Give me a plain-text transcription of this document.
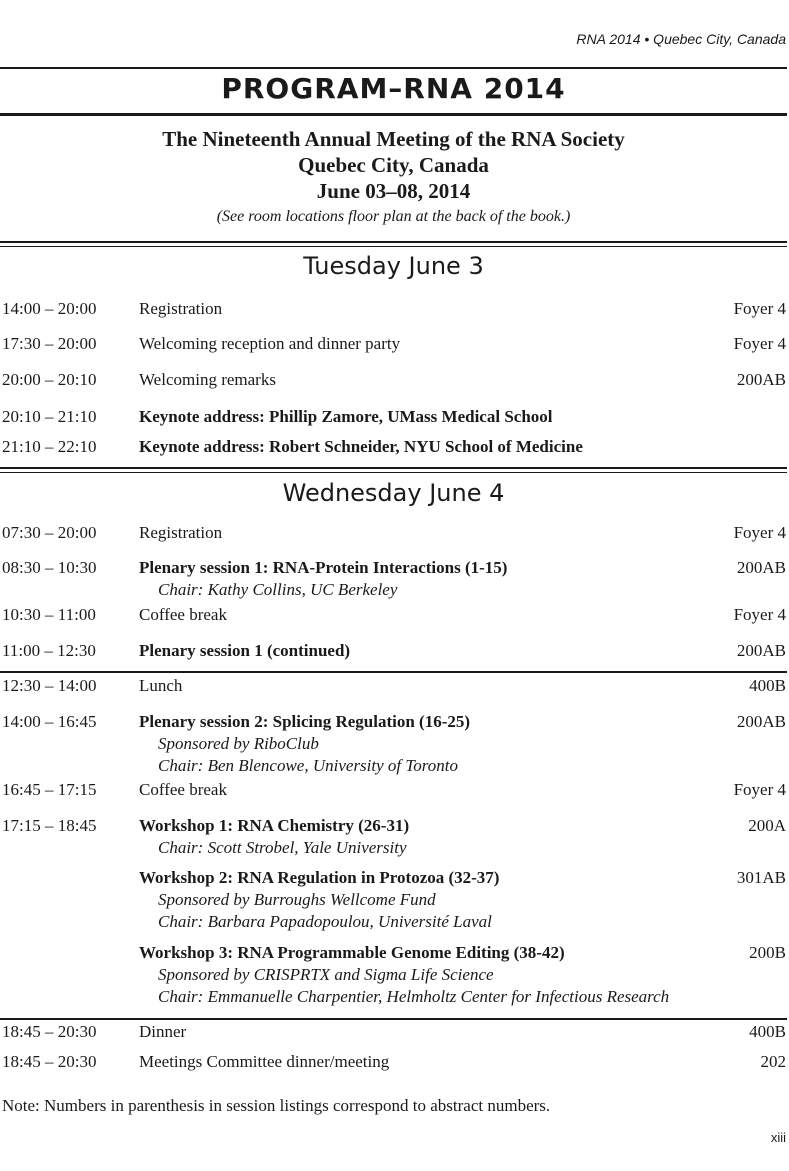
RNA 2014 • Quebec City, Canada
PROGRAM–RNA 2014
The Nineteenth Annual Meeting of the RNA Society
Quebec City, Canada
June 03–08, 2014
(See room locations floor plan at the back of the book.)
Tuesday June 3
14:00 – 20:00	Registration	Foyer 4
17:30 – 20:00	Welcoming reception and dinner party	Foyer 4
20:00 – 20:10	Welcoming remarks	200AB
20:10 – 21:10	Keynote address: Phillip Zamore, UMass Medical School
21:10 – 22:10	Keynote address: Robert Schneider, NYU School of Medicine
Wednesday June 4
07:30 – 20:00	Registration	Foyer 4
08:30 – 10:30	Plenary session 1: RNA-Protein Interactions (1-15)	200AB
Chair: Kathy Collins, UC Berkeley
10:30 – 11:00	Coffee break	Foyer 4
11:00 – 12:30	Plenary session 1 (continued)	200AB
12:30 – 14:00	Lunch	400B
14:00 – 16:45	Plenary session 2: Splicing Regulation (16-25)	200AB
Sponsored by RiboClub
Chair: Ben Blencowe, University of Toronto
16:45 – 17:15	Coffee break	Foyer 4
17:15 – 18:45	Workshop 1: RNA Chemistry (26-31)	200A
Chair: Scott Strobel, Yale University
Workshop 2: RNA Regulation in Protozoa (32-37)	301AB
Sponsored by Burroughs Wellcome Fund
Chair: Barbara Papadopoulou, Université Laval
Workshop 3: RNA Programmable Genome Editing (38-42)	200B
Sponsored by CRISPRTX and Sigma Life Science
Chair: Emmanuelle Charpentier, Helmholtz Center for Infectious Research
18:45 – 20:30	Dinner	400B
18:45 – 20:30	Meetings Committee dinner/meeting	202
Note: Numbers in parenthesis in session listings correspond to abstract numbers.
xiii
